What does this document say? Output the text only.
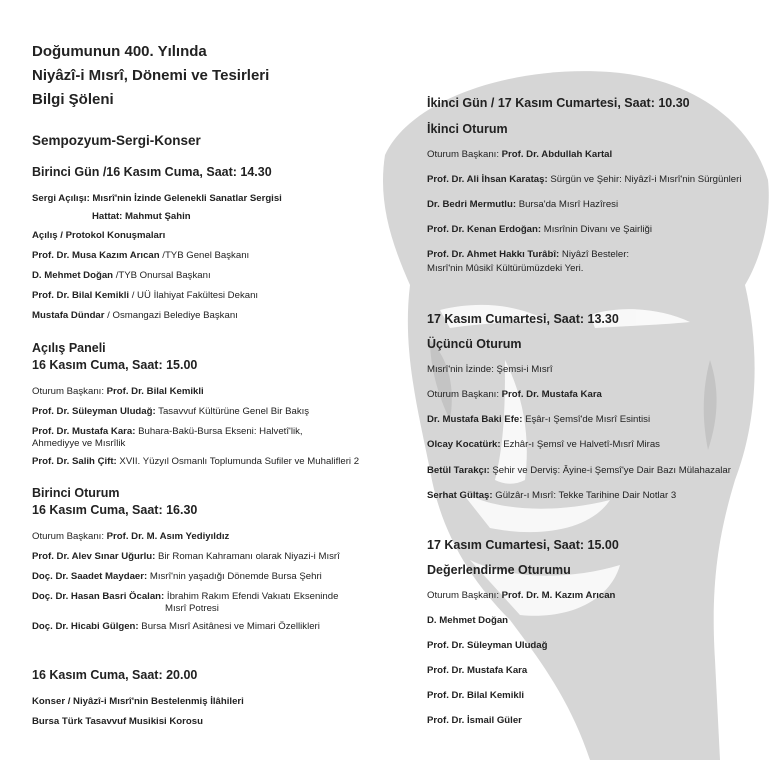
Doğumunun 400. Yılında
Niyâzî-i Mısrî, Dönemi ve Tesirleri
Bilgi Şöleni
Sempozyum-Sergi-Konser
Birinci Gün /16 Kasım Cuma, Saat: 14.30
Sergi Açılışı: Mısrî'nin İzinde Gelenekli Sanatlar Sergisi
Hattat: Mahmut Şahin
Açılış / Protokol Konuşmaları
Prof. Dr. Musa Kazım Arıcan /TYB Genel Başkanı
D. Mehmet Doğan /TYB Onursal Başkanı
Prof. Dr. Bilal Kemikli / UÜ İlahiyat Fakültesi Dekanı
Mustafa Dündar / Osmangazi Belediye Başkanı
Açılış Paneli
16 Kasım Cuma, Saat: 15.00
Oturum Başkanı: Prof. Dr. Bilal Kemikli
Prof. Dr. Süleyman Uludağ: Tasavvuf Kültürüne Genel Bir Bakış
Prof. Dr. Mustafa Kara: Buhara-Bakü-Bursa Ekseni: Halvetî'lik,
Ahmediyye ve Mısrîlik
Prof. Dr. Salih Çift: XVII. Yüzyıl Osmanlı Toplumunda Sufiler ve Muhalifleri 2
Birinci Oturum
16 Kasım Cuma, Saat: 16.30
Oturum Başkanı: Prof. Dr. M. Asım Yediyıldız
Prof. Dr. Alev Sınar Uğurlu: Bir Roman Kahramanı olarak Niyazi-i Mısrî
Doç. Dr. Saadet Maydaer: Mısrî'nin yaşadığı Dönemde Bursa Şehri
Doç. Dr. Hasan Basri Öcalan: İbrahim Rakım Efendi Vakıatı Ekseninde
Mısrî Potresi
Doç. Dr. Hicabi Gülgen: Bursa Mısrî Asitânesi ve Mimari Özellikleri
16 Kasım Cuma, Saat: 20.00
Konser / Niyâzî-i Mısrî'nin Bestelenmiş İlâhileri
Bursa Türk Tasavvuf Musikisi Korosu
İkinci Gün / 17 Kasım Cumartesi, Saat: 10.30
İkinci Oturum
Oturum Başkanı: Prof. Dr. Abdullah Kartal
Prof. Dr. Ali İhsan Karataş: Sürgün ve Şehir: Niyâzî-i Mısrî'nin Sürgünleri
Dr. Bedri Mermutlu: Bursa'da Mısrî Hazîresi
Prof. Dr. Kenan Erdoğan: Mısrînin Divanı ve Şairliği
Prof. Dr. Ahmet Hakkı Turâbî: Niyâzî Besteler:
Mısrî'nin Mûsikî Kültürümüzdeki Yeri.
17 Kasım Cumartesi, Saat: 13.30
Üçüncü Oturum
Mısrî'nin İzinde: Şemsi-i Mısrî
Oturum Başkanı: Prof. Dr. Mustafa Kara
Dr. Mustafa Baki Efe: Eşâr-ı Şemsî'de Mısrî Esintisi
Olcay Kocatürk: Ezhâr-ı Şemsî ve Halvetî-Mısrî Miras
Betül Tarakçı: Şehir ve Derviş: Âyine-i Şemsî'ye Dair Bazı Mülahazalar
Serhat Gültaş: Gülzâr-ı Mısrî: Tekke Tarihine Dair Notlar 3
17 Kasım Cumartesi, Saat: 15.00
Değerlendirme Oturumu
Oturum Başkanı: Prof. Dr. M. Kazım Arıcan
D. Mehmet Doğan
Prof. Dr. Süleyman Uludağ
Prof. Dr. Mustafa Kara
Prof. Dr. Bilal Kemikli
Prof. Dr. İsmail Güler
